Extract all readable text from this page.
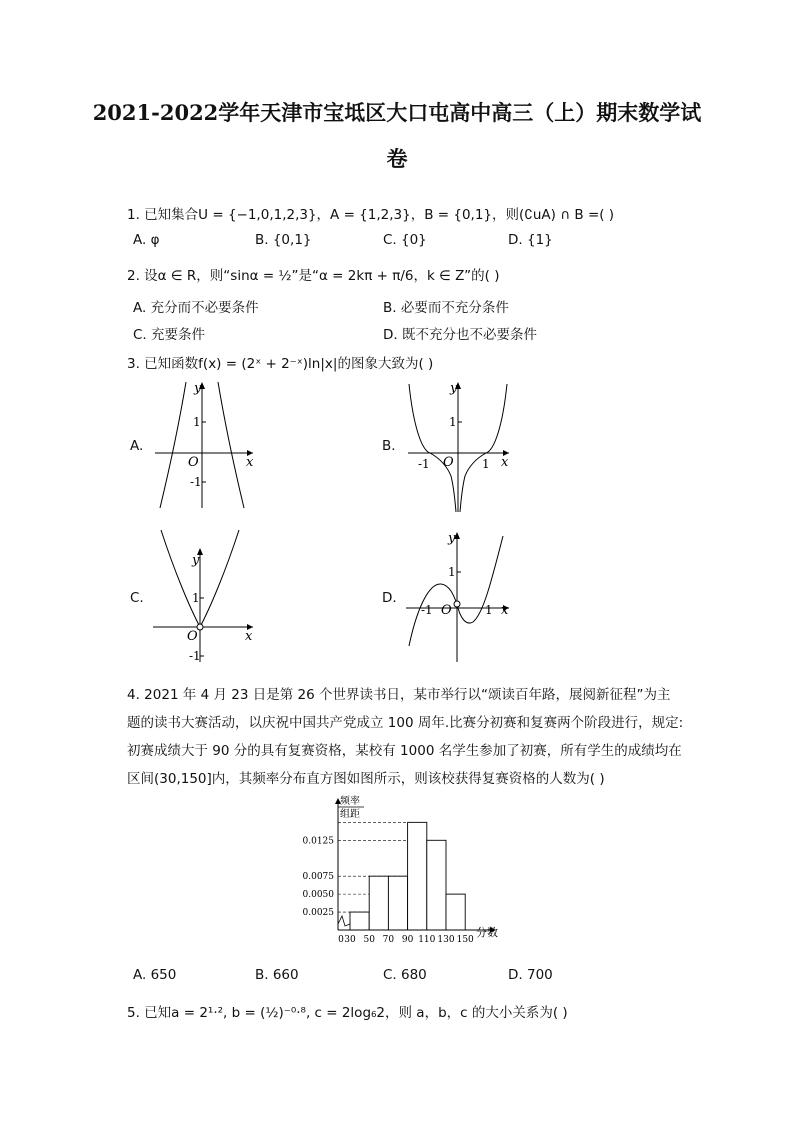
2021-2022学年天津市宝坻区大口屯高中高三（上）期末数学试
卷
1. 已知集合U = {−1,0,1,2,3}，A = {1,2,3}，B = {0,1}，则(∁uA) ∩ B =( )
A. φ	B. {0,1}	C. {0}	D. {1}
2. 设α ∈ R，则“sinα = ½”是“α = 2kπ + π/6，k ∈ Z”的( )
A. 充分而不必要条件	B. 必要而不充分条件
C. 充要条件	D. 既不充分也不必要条件
3. 已知函数f(x) = (2ˣ + 2⁻ˣ)ln|x|的图象大致为( )
A.	B.
C.	D.
x
y
O
1
-1
x
y
O
1
-1	1
x
y
O
1
-1
x
y
O
1
-1	1
4. 2021 年 4 月 23 日是第 26 个世界读书日，某市举行以“颂读百年路，展阅新征程”为主
题的读书大赛活动，以庆祝中国共产党成立 100 周年.比赛分初赛和复赛两个阶段进行，规定:
初赛成绩大于 90 分的具有复赛资格，某校有 1000 名学生参加了初赛，所有学生的成绩均在
区间(30,150]内，其频率分布直方图如图所示，则该校获得复赛资格的人数为( )
频率
组距
0.0025
0.0050
0.0075
0.0125
0 30 50 70 90 110 130 150
分数
A. 650	B. 660	C. 680	D. 700
5. 已知a = 2¹·², b = (½)⁻⁰·⁸, c = 2log₆2，则 a，b，c 的大小关系为( )
